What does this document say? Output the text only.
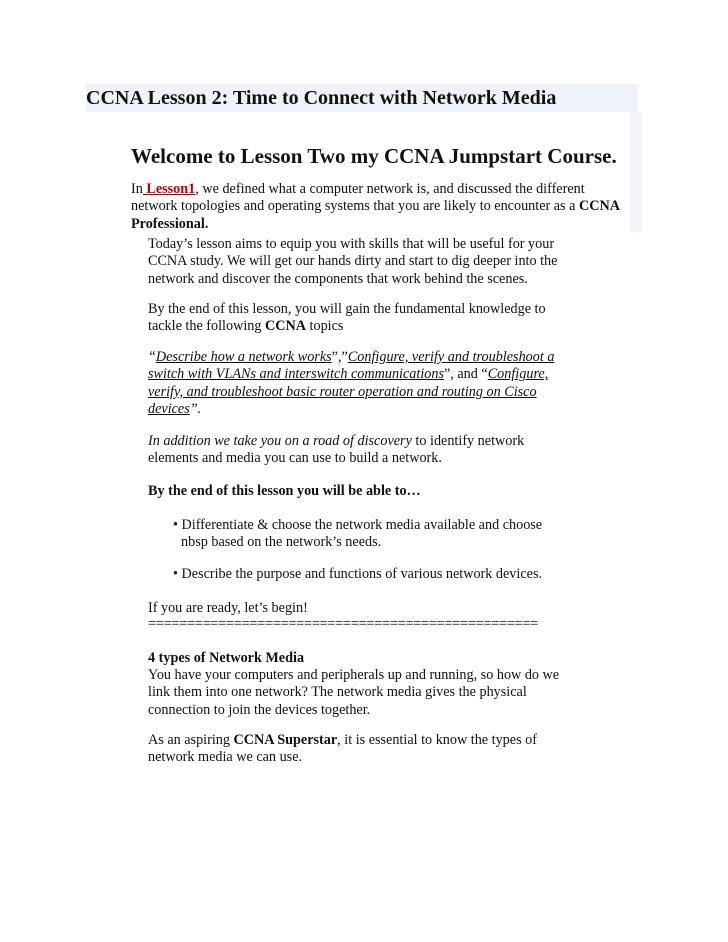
CCNA Lesson 2: Time to Connect with Network Media
Welcome to Lesson Two my CCNA Jumpstart Course.

In Lesson1, we defined what a computer network is, and discussed the different network topologies and operating systems that you are likely to encounter as a CCNA Professional.

Today’s lesson aims to equip you with skills that will be useful for your CCNA study. We will get our hands dirty and start to dig deeper into the network and discover the components that work behind the scenes.

By the end of this lesson, you will gain the fundamental knowledge to tackle the following CCNA topics

“Describe how a network works”,”Configure, verify and troubleshoot a switch with VLANs and interswitch communications”, and “Configure, verify, and troubleshoot basic router operation and routing on Cisco devices”.

In addition we take you on a road of discovery to identify network elements and media you can use to build a network.

By the end of this lesson you will be able to…

• Differentiate & choose the network media available and choose
nbsp based on the network’s needs.
• Describe the purpose and functions of various network devices.

If you are ready, let’s begin!

==================================================

4 types of Network Media

You have your computers and peripherals up and running, so how do we link them into one network? The network media gives the physical connection to join the devices together.

As an aspiring CCNA Superstar, it is essential to know the types of network media we can use.
